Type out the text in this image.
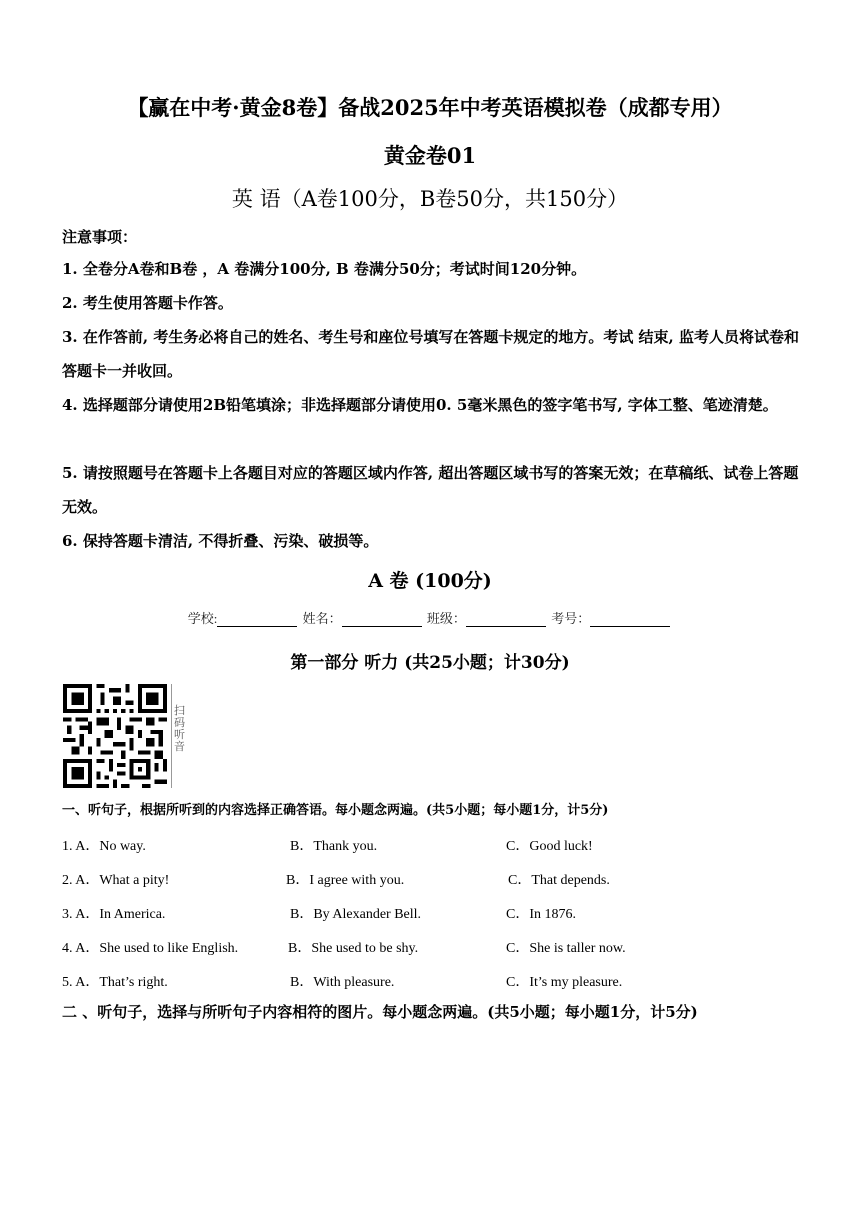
【赢在中考·黄金8卷】备战2025年中考英语模拟卷（成都专用）
黄金卷01
英 语（A卷100分，B卷50分，共150分）
注意事项：
1. 全卷分A卷和B卷 ，A 卷满分100分, B 卷满分50分；考试时间120分钟。
2. 考生使用答题卡作答。
3. 在作答前, 考生务必将自己的姓名、考生号和座位号填写在答题卡规定的地方。考试 结束, 监考人员将试卷和答题卡一并收回。
4. 选择题部分请使用2B铅笔填涂；非选择题部分请使用0. 5毫米黑色的签字笔书写, 字体工整、笔迹清楚。
5. 请按照题号在答题卡上各题目对应的答题区域内作答, 超出答题区域书写的答案无效；在草稿纸、试卷上答题无效。
6. 保持答题卡清洁, 不得折叠、污染、破损等。
A 卷 (100分)
学校:	姓名：	班级：	考号：
第一部分 听力 (共25小题；计30分)
扫码听音
一、听句子，根据所听到的内容选择正确答语。每小题念两遍。(共5小题；每小题1分，计5分)
1. A．No way.	B．Thank you.	C．Good luck!
2. A．What a pity!	B．I agree with you.	C．That depends.
3. A．In America.	B．By Alexander Bell.	C．In 1876.
4. A．She used to like English.	B．She used to be shy.	C．She is taller now.
5. A．That’s right.	B．With pleasure.	C．It’s my pleasure.
二 、听句子，选择与所听句子内容相符的图片。每小题念两遍。(共5小题；每小题1分，计5分)
